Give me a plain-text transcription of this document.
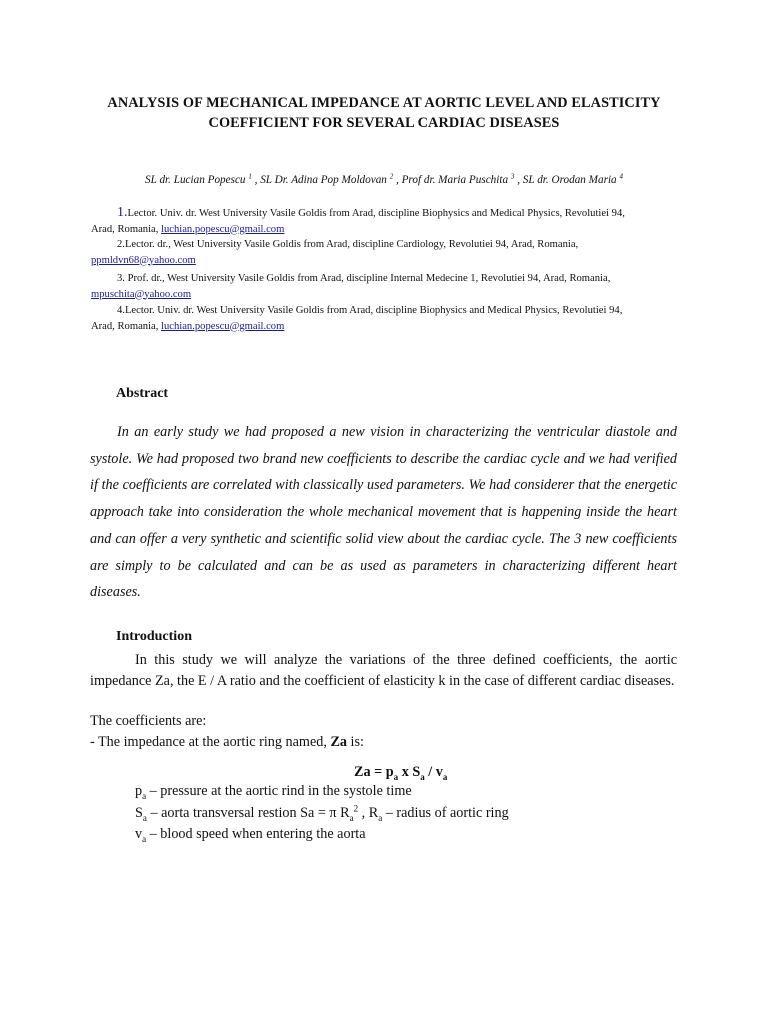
ANALYSIS OF MECHANICAL IMPEDANCE AT AORTIC LEVEL AND ELASTICITY
COEFFICIENT FOR SEVERAL CARDIAC DISEASES
SL dr. Lucian Popescu $^1$ , SL Dr. Adina Pop Moldovan $^2$ , Prof dr. Maria Puschita $^3$ , SL dr. Orodan Maria $^4$
1.Lector. Univ. dr. West University Vasile Goldis from Arad, discipline Biophysics and Medical Physics, Revolutiei 94,
Arad, Romania, luchian.popescu@gmail.com
2.Lector. dr., West University Vasile Goldis from Arad, discipline Cardiology, Revolutiei 94, Arad, Romania,
ppmldvn68@yahoo.com
3. Prof. dr., West University Vasile Goldis from Arad, discipline Internal Medecine 1, Revolutiei 94, Arad, Romania,
mpuschita@yahoo.com
4.Lector. Univ. dr. West University Vasile Goldis from Arad, discipline Biophysics and Medical Physics, Revolutiei 94,
Arad, Romania, luchian.popescu@gmail.com
Abstract
In an early study we had proposed a new vision in characterizing the ventricular diastole and systole. We had proposed two brand new coefficients to describe the cardiac cycle and we had verified if the coefficients are correlated with classically used parameters. We had considerer that the energetic approach take into consideration the whole mechanical movement that is happening inside the heart and can offer a very synthetic and scientific solid view about the cardiac cycle. The 3 new coefficients are simply to be calculated and can be as used as parameters in characterizing different heart diseases.
Introduction
In this study we will analyze the variations of the three defined coefficients, the aortic impedance Za, the E / A ratio and the coefficient of elasticity k in the case of different cardiac diseases.
The coefficients are:
- The impedance at the aortic ring named, Za is:
$Za = p_a$ x $S_a / v_a$
$p_a$ – pressure at the aortic rind in the systole time
$S_a$ – aorta transversal restion Sa = π $R_a^2$ , $R_a$ – radius of aortic ring
$v_a$ – blood speed when entering the aorta
